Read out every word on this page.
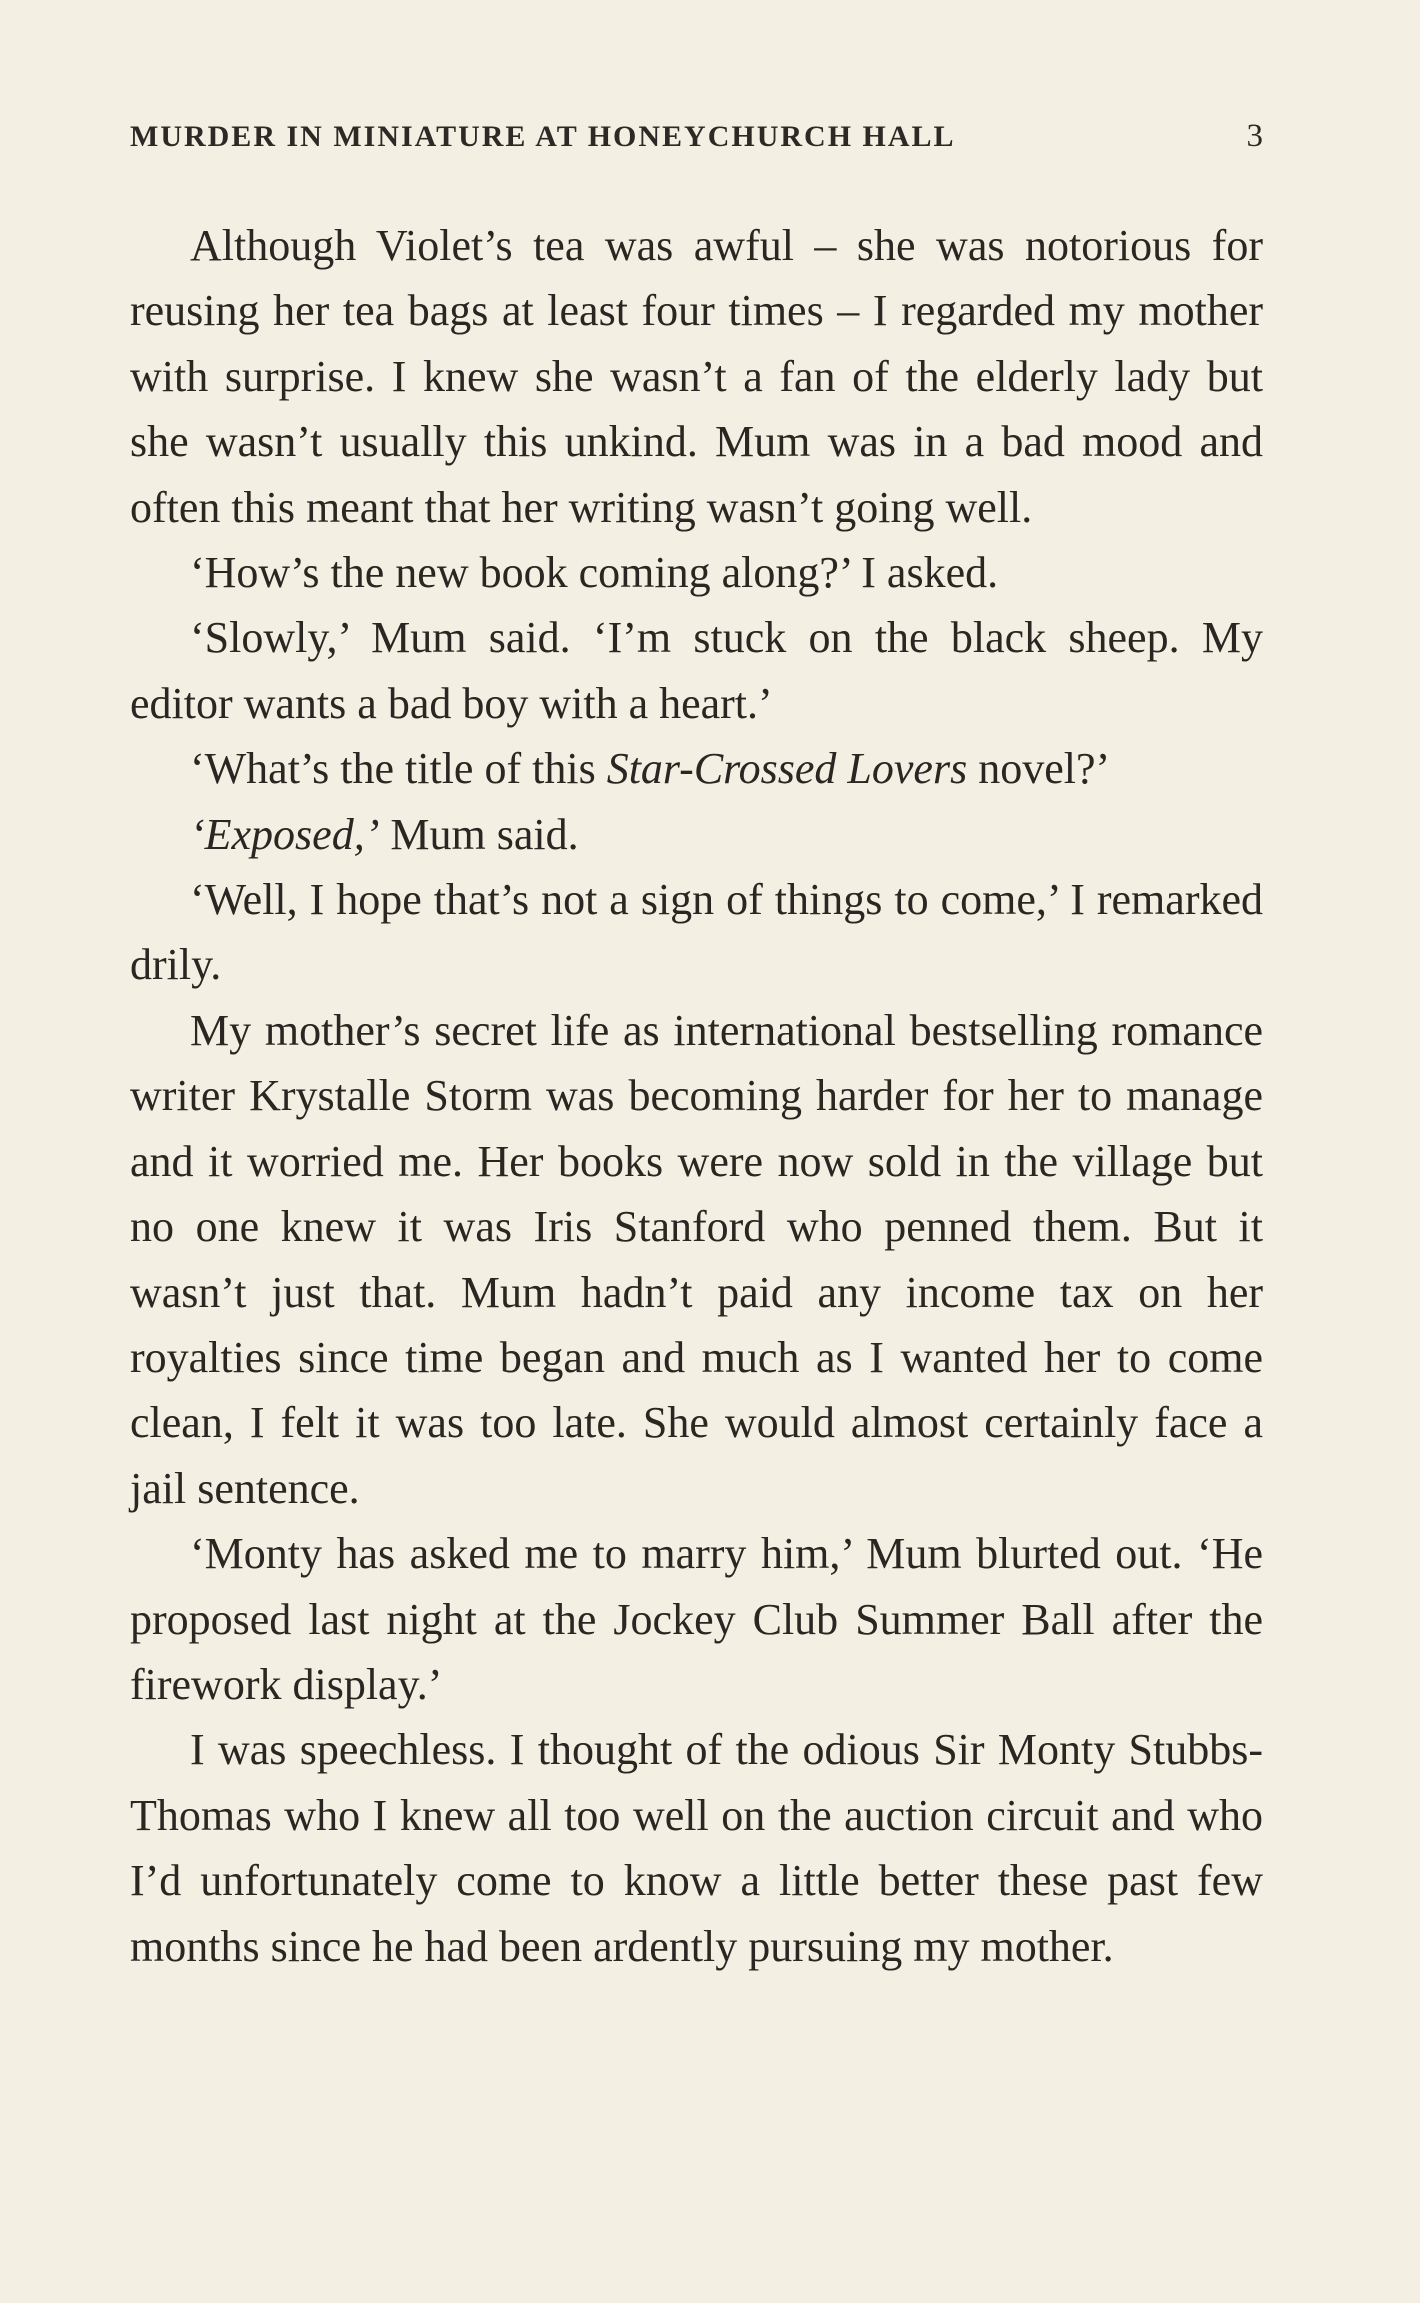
MURDER IN MINIATURE AT HONEYCHURCH HALL	3

Although Violet’s tea was awful – she was notorious for reusing her tea bags at least four times – I regarded my mother with surprise. I knew she wasn’t a fan of the elderly lady but she wasn’t usually this unkind. Mum was in a bad mood and often this meant that her writing wasn’t going well.

‘How’s the new book coming along?’ I asked.

‘Slowly,’ Mum said. ‘I’m stuck on the black sheep. My editor wants a bad boy with a heart.’

‘What’s the title of this Star-Crossed Lovers novel?’

‘Exposed,’ Mum said.

‘Well, I hope that’s not a sign of things to come,’ I remarked drily.

My mother’s secret life as international bestselling romance writer Krystalle Storm was becoming harder for her to manage and it worried me. Her books were now sold in the village but no one knew it was Iris Stanford who penned them. But it wasn’t just that. Mum hadn’t paid any income tax on her royalties since time began and much as I wanted her to come clean, I felt it was too late. She would almost certainly face a jail sentence.

‘Monty has asked me to marry him,’ Mum blurted out. ‘He proposed last night at the Jockey Club Summer Ball after the firework display.’

I was speechless. I thought of the odious Sir Monty Stubbs-Thomas who I knew all too well on the auction circuit and who I’d unfortunately come to know a little better these past few months since he had been ardently pursuing my mother.
